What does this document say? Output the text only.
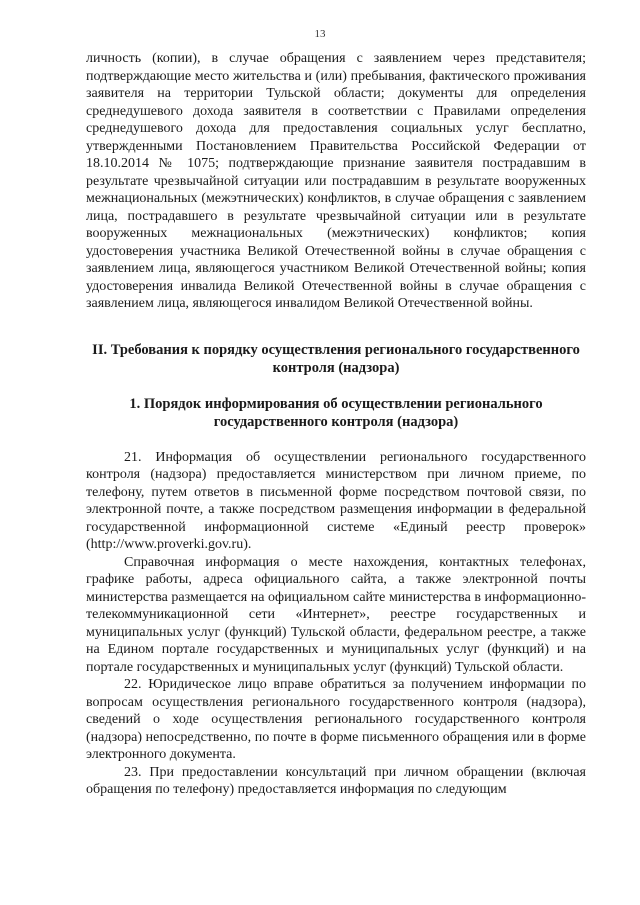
13

личность (копии), в случае обращения с заявлением через представителя; подтверждающие место жительства и (или) пребывания, фактического проживания заявителя на территории Тульской области; документы для определения среднедушевого дохода заявителя в соответствии с Правилами определения среднедушевого дохода для предоставления социальных услуг бесплатно, утвержденными Постановлением Правительства Российской Федерации от 18.10.2014 № 1075; подтверждающие признание заявителя пострадавшим в результате чрезвычайной ситуации или пострадавшим в результате вооруженных межнациональных (межэтнических) конфликтов, в случае обращения с заявлением лица, пострадавшего в результате чрезвычайной ситуации или в результате вооруженных межнациональных (межэтнических) конфликтов; копия удостоверения участника Великой Отечественной войны в случае обращения с заявлением лица, являющегося участником Великой Отечественной войны; копия удостоверения инвалида Великой Отечественной войны в случае обращения с заявлением лица, являющегося инвалидом Великой Отечественной войны.

II. Требования к порядку осуществления регионального государственного контроля (надзора)

1. Порядок информирования об осуществлении регионального государственного контроля (надзора)

21. Информация об осуществлении регионального государственного контроля (надзора) предоставляется министерством при личном приеме, по телефону, путем ответов в письменной форме посредством почтовой связи, по электронной почте, а также посредством размещения информации в федеральной государственной информационной системе «Единый реестр проверок» (http://www.proverki.gov.ru).

Справочная информация о месте нахождения, контактных телефонах, графике работы, адреса официального сайта, а также электронной почты министерства размещается на официальном сайте министерства в информационно-телекоммуникационной сети «Интернет», реестре государственных и муниципальных услуг (функций) Тульской области, федеральном реестре, а также на Едином портале государственных и муниципальных услуг (функций) и на портале государственных и муниципальных услуг (функций) Тульской области.

22. Юридическое лицо вправе обратиться за получением информации по вопросам осуществления регионального государственного контроля (надзора), сведений о ходе осуществления регионального государственного контроля (надзора) непосредственно, по почте в форме письменного обращения или в форме электронного документа.

23. При предоставлении консультаций при личном обращении (включая обращения по телефону) предоставляется информация по следующим
